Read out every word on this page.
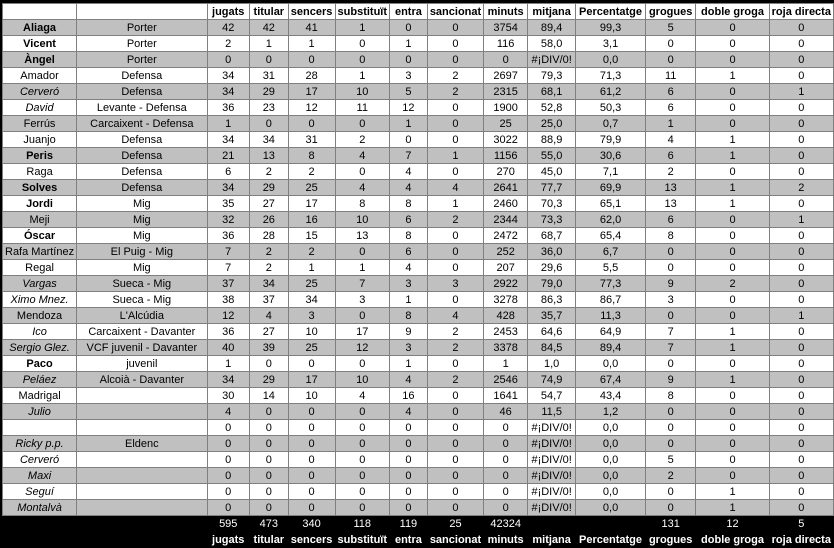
		jugats	titular	sencers	substituït	entra	sancionat	minuts	mitjana	Percentatge	grogues	doble groga	roja directa
Aliaga	Porter	42	42	41	1	0	0	3754	89,4	99,3	5	0	0
Vicent	Porter	2	1	1	0	1	0	116	58,0	3,1	0	0	0
Àngel	Porter	0	0	0	0	0	0	0	#¡DIV/0!	0,0	0	0	0
Amador	Defensa	34	31	28	1	3	2	2697	79,3	71,3	11	1	0
Cerveró	Defensa	34	29	17	10	5	2	2315	68,1	61,2	6	0	1
David	Levante - Defensa	36	23	12	11	12	0	1900	52,8	50,3	6	0	0
Ferrús	Carcaixent - Defensa	1	0	0	0	1	0	25	25,0	0,7	1	0	0
Juanjo	Defensa	34	34	31	2	0	0	3022	88,9	79,9	4	1	0
Peris	Defensa	21	13	8	4	7	1	1156	55,0	30,6	6	1	0
Raga	Defensa	6	2	2	0	4	0	270	45,0	7,1	2	0	0
Solves	Defensa	34	29	25	4	4	4	2641	77,7	69,9	13	1	2
Jordi	Mig	35	27	17	8	8	1	2460	70,3	65,1	13	1	0
Meji	Mig	32	26	16	10	6	2	2344	73,3	62,0	6	0	1
Óscar	Mig	36	28	15	13	8	0	2472	68,7	65,4	8	0	0
Rafa Martínez	El Puig - Mig	7	2	2	0	6	0	252	36,0	6,7	0	0	0
Regal	Mig	7	2	1	1	4	0	207	29,6	5,5	0	0	0
Vargas	Sueca - Mig	37	34	25	7	3	3	2922	79,0	77,3	9	2	0
Ximo Mnez.	Sueca - Mig	38	37	34	3	1	0	3278	86,3	86,7	3	0	0
Mendoza	L'Alcúdia	12	4	3	0	8	4	428	35,7	11,3	0	0	1
Ico	Carcaixent - Davanter	36	27	10	17	9	2	2453	64,6	64,9	7	1	0
Sergio Glez.	VCF juvenil - Davanter	40	39	25	12	3	2	3378	84,5	89,4	7	1	0
Paco	juvenil	1	0	0	0	1	0	1	1,0	0,0	0	0	0
Peláez	Alcoià - Davanter	34	29	17	10	4	2	2546	74,9	67,4	9	1	0
Madrigal		30	14	10	4	16	0	1641	54,7	43,4	8	0	0
Julio		4	0	0	0	4	0	46	11,5	1,2	0	0	0
		0	0	0	0	0	0	0	#¡DIV/0!	0,0	0	0	0
Ricky p.p.	Eldenc	0	0	0	0	0	0	0	#¡DIV/0!	0,0	0	0	0
Cerveró		0	0	0	0	0	0	0	#¡DIV/0!	0,0	5	0	0
Maxi		0	0	0	0	0	0	0	#¡DIV/0!	0,0	2	0	0
Seguí		0	0	0	0	0	0	0	#¡DIV/0!	0,0	0	1	0
Montalvà		0	0	0	0	0	0	0	#¡DIV/0!	0,0	0	1	0
		595	473	340	118	119	25	42324			131	12	5
		jugats	titular	sencers	substituït	entra	sancionat	minuts	mitjana	Percentatge	grogues	doble groga	roja directa
